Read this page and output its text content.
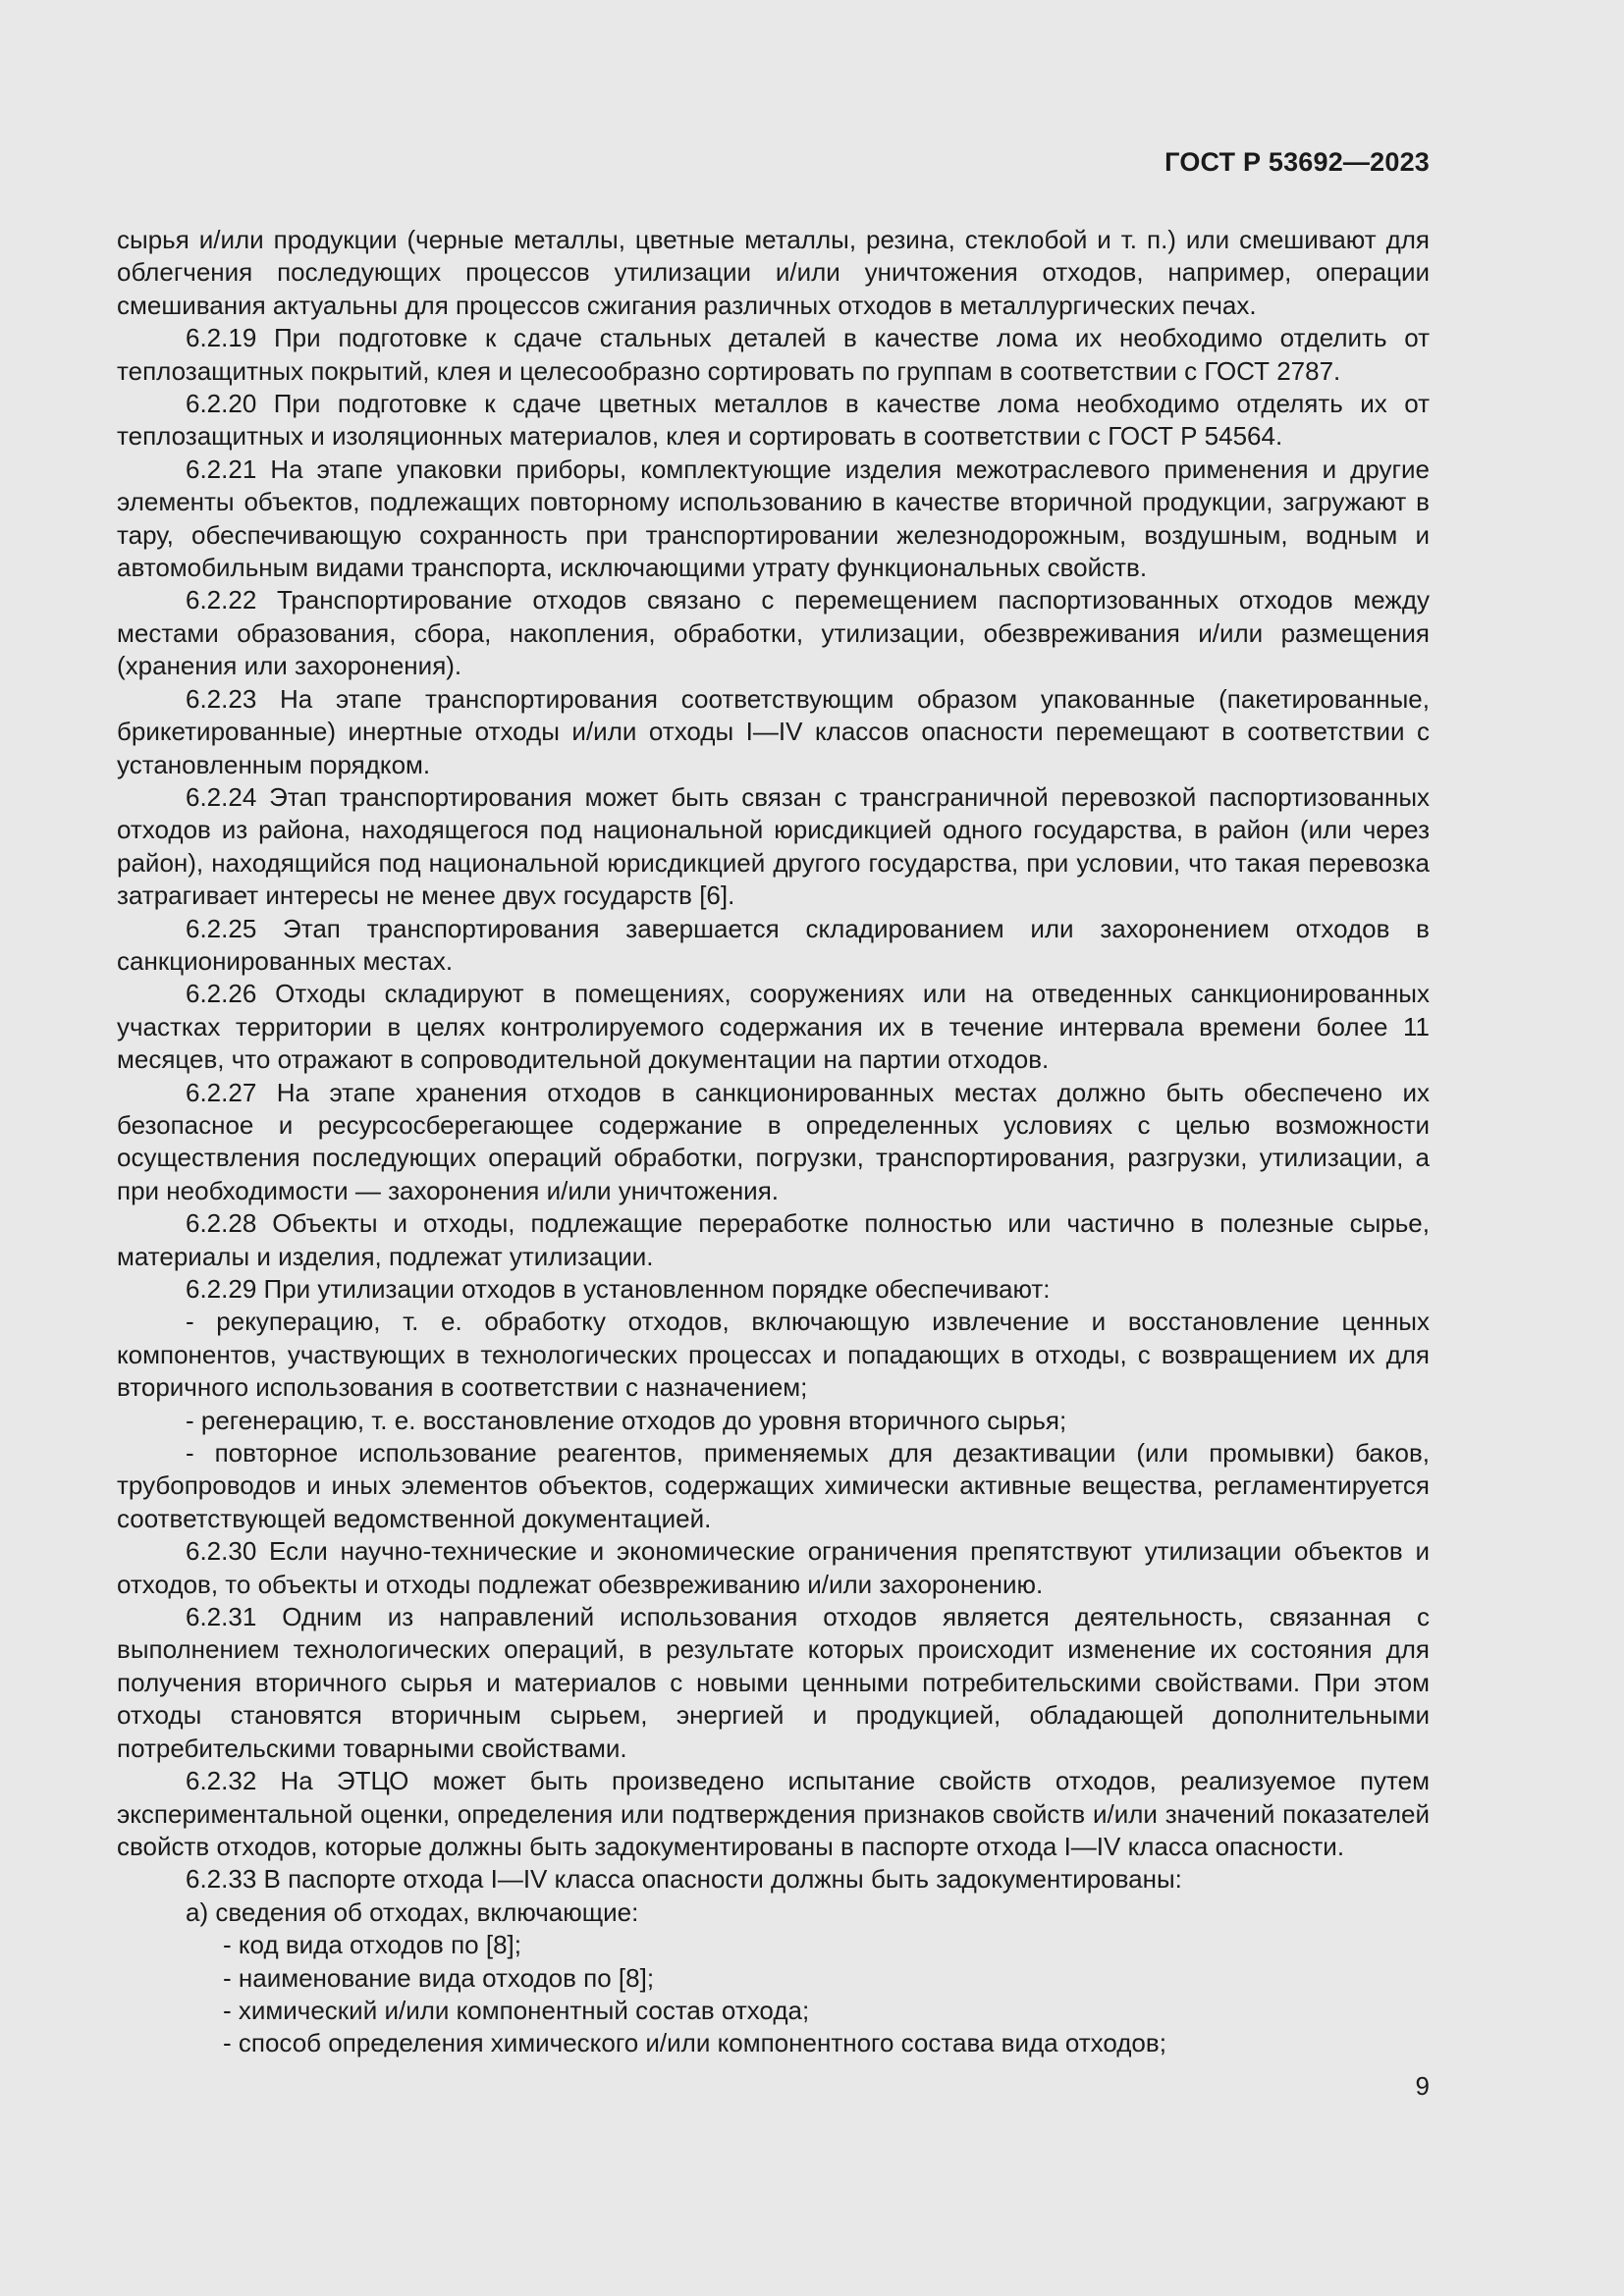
ГОСТ Р 53692—2023

сырья и/или продукции (черные металлы, цветные металлы, резина, стеклобой и т. п.) или смешивают для облегчения последующих процессов утилизации и/или уничтожения отходов, например, операции смешивания актуальны для процессов сжигания различных отходов в металлургических печах.

6.2.19 При подготовке к сдаче стальных деталей в качестве лома их необходимо отделить от теплозащитных покрытий, клея и целесообразно сортировать по группам в соответствии с ГОСТ 2787.

6.2.20 При подготовке к сдаче цветных металлов в качестве лома необходимо отделять их от теплозащитных и изоляционных материалов, клея и сортировать в соответствии с ГОСТ Р 54564.

6.2.21 На этапе упаковки приборы, комплектующие изделия межотраслевого применения и другие элементы объектов, подлежащих повторному использованию в качестве вторичной продукции, загружают в тару, обеспечивающую сохранность при транспортировании железнодорожным, воздушным, водным и автомобильным видами транспорта, исключающими утрату функциональных свойств.

6.2.22 Транспортирование отходов связано с перемещением паспортизованных отходов между местами образования, сбора, накопления, обработки, утилизации, обезвреживания и/или размещения (хранения или захоронения).

6.2.23 На этапе транспортирования соответствующим образом упакованные (пакетированные, брикетированные) инертные отходы и/или отходы I—IV классов опасности перемещают в соответствии с установленным порядком.

6.2.24 Этап транспортирования может быть связан с трансграничной перевозкой паспортизованных отходов из района, находящегося под национальной юрисдикцией одного государства, в район (или через район), находящийся под национальной юрисдикцией другого государства, при условии, что такая перевозка затрагивает интересы не менее двух государств [6].

6.2.25 Этап транспортирования завершается складированием или захоронением отходов в санкционированных местах.

6.2.26 Отходы складируют в помещениях, сооружениях или на отведенных санкционированных участках территории в целях контролируемого содержания их в течение интервала времени более 11 месяцев, что отражают в сопроводительной документации на партии отходов.

6.2.27 На этапе хранения отходов в санкционированных местах должно быть обеспечено их безопасное и ресурсосберегающее содержание в определенных условиях с целью возможности осуществления последующих операций обработки, погрузки, транспортирования, разгрузки, утилизации, а при необходимости — захоронения и/или уничтожения.

6.2.28 Объекты и отходы, подлежащие переработке полностью или частично в полезные сырье, материалы и изделия, подлежат утилизации.

6.2.29 При утилизации отходов в установленном порядке обеспечивают:

- рекуперацию, т. е. обработку отходов, включающую извлечение и восстановление ценных компонентов, участвующих в технологических процессах и попадающих в отходы, с возвращением их для вторичного использования в соответствии с назначением;

- регенерацию, т. е. восстановление отходов до уровня вторичного сырья;

- повторное использование реагентов, применяемых для дезактивации (или промывки) баков, трубопроводов и иных элементов объектов, содержащих химически активные вещества, регламентируется соответствующей ведомственной документацией.

6.2.30 Если научно-технические и экономические ограничения препятствуют утилизации объектов и отходов, то объекты и отходы подлежат обезвреживанию и/или захоронению.

6.2.31 Одним из направлений использования отходов является деятельность, связанная с выполнением технологических операций, в результате которых происходит изменение их состояния для получения вторичного сырья и материалов с новыми ценными потребительскими свойствами. При этом отходы становятся вторичным сырьем, энергией и продукцией, обладающей дополнительными потребительскими товарными свойствами.

6.2.32 На ЭТЦО может быть произведено испытание свойств отходов, реализуемое путем экспериментальной оценки, определения или подтверждения признаков свойств и/или значений показателей свойств отходов, которые должны быть задокументированы в паспорте отхода I—IV класса опасности.

6.2.33 В паспорте отхода I—IV класса опасности должны быть задокументированы:

а) сведения об отходах, включающие:

- код вида отходов по [8];

- наименование вида отходов по [8];

- химический и/или компонентный состав отхода;

- способ определения химического и/или компонентного состава вида отходов;

9
